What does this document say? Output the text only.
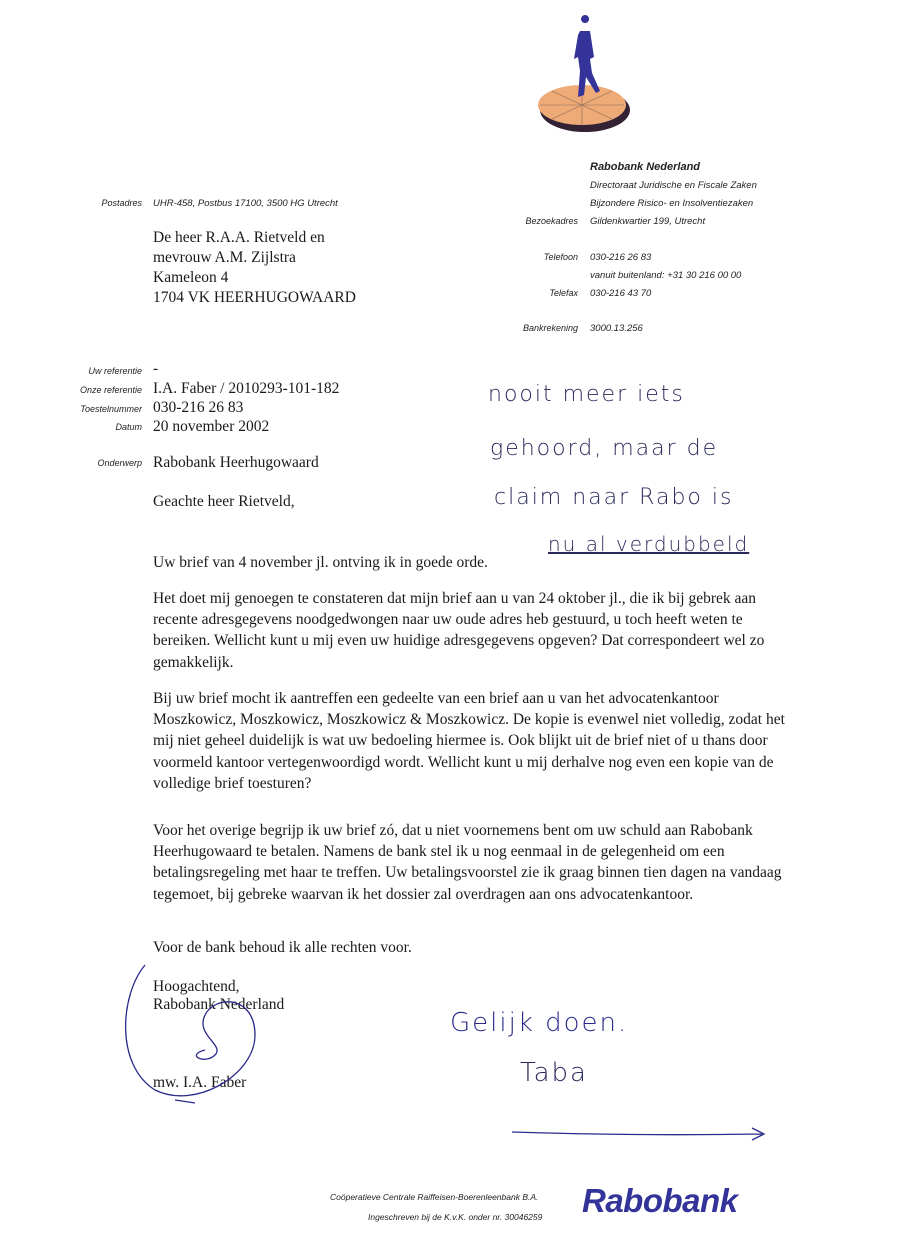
Rabobank Nederland
Directoraat Juridische en Fiscale Zaken
Bijzondere Risico- en Insolventiezaken
Bezoekadres Gildenkwartier 199, Utrecht
Telefoon 030-216 26 83
vanuit buitenland: +31 30 216 00 00
Telefax 030-216 43 70
Bankrekening 3000.13.256
Postadres UHR-458, Postbus 17100, 3500 HG Utrecht
De heer R.A.A. Rietveld en
mevrouw A.M. Zijlstra
Kameleon 4
1704 VK HEERHUGOWAARD
Uw referentie -
Onze referentie I.A. Faber / 2010293-101-182
Toestelnummer 030-216 26 83
Datum 20 november 2002
Onderwerp Rabobank Heerhugowaard
Geachte heer Rietveld,

Uw brief van 4 november jl. ontving ik in goede orde.

Het doet mij genoegen te constateren dat mijn brief aan u van 24 oktober jl., die ik bij gebrek aan recente adresgegevens noodgedwongen naar uw oude adres heb gestuurd, u toch heeft weten te bereiken. Wellicht kunt u mij even uw huidige adresgegevens opgeven? Dat correspondeert wel zo gemakkelijk.

Bij uw brief mocht ik aantreffen een gedeelte van een brief aan u van het advocatenkantoor Moszkowicz, Moszkowicz, Moszkowicz & Moszkowicz. De kopie is evenwel niet volledig, zodat het mij niet geheel duidelijk is wat uw bedoeling hiermee is. Ook blijkt uit de brief niet of u thans door voormeld kantoor vertegenwoordigd wordt. Wellicht kunt u mij derhalve nog even een kopie van de volledige brief toesturen?

Voor het overige begrijp ik uw brief zó, dat u niet voornemens bent om uw schuld aan Rabobank Heerhugowaard te betalen. Namens de bank stel ik u nog eenmaal in de gelegenheid om een betalingsregeling met haar te treffen. Uw betalingsvoorstel zie ik graag binnen tien dagen na vandaag tegemoet, bij gebreke waarvan ik het dossier zal overdragen aan ons advocatenkantoor.

Voor de bank behoud ik alle rechten voor.

Hoogachtend,
Rabobank Nederland
mw. I.A. Faber
nooit meer iets
gehoord, maar de
claim naar Rabo is
nu al verdubbeld
Gelijk doen.
Taba
Coöperatieve Centrale Raiffeisen-Boerenleenbank B.A.
Ingeschreven bij de K.v.K. onder nr. 30046259 Rabobank
